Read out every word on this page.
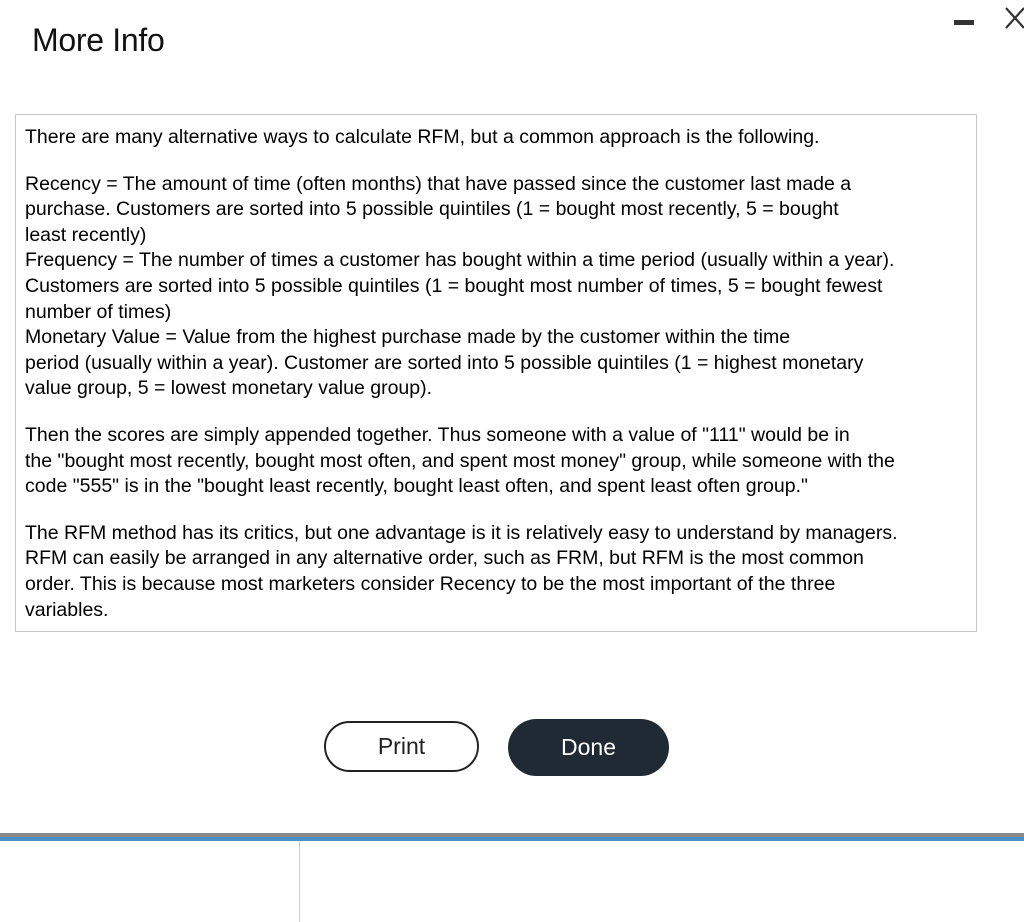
More Info

There are many alternative ways to calculate RFM, but a common approach is the following.

Recency = The amount of time (often months) that have passed since the customer last made a
purchase. Customers are sorted into 5 possible quintiles (1 = bought most recently, 5 = bought
least recently)
Frequency = The number of times a customer has bought within a time period (usually within a year).
Customers are sorted into 5 possible quintiles (1 = bought most number of times, 5 = bought fewest
number of times)
Monetary Value = Value from the highest purchase made by the customer within the time
period (usually within a year). Customer are sorted into 5 possible quintiles (1 = highest monetary
value group, 5 = lowest monetary value group).

Then the scores are simply appended together. Thus someone with a value of "111" would be in
the "bought most recently, bought most often, and spent most money" group, while someone with the
code "555" is in the "bought least recently, bought least often, and spent least often group."

The RFM method has its critics, but one advantage is it is relatively easy to understand by managers.
RFM can easily be arranged in any alternative order, such as FRM, but RFM is the most common
order. This is because most marketers consider Recency to be the most important of the three
variables.

Print	Done
